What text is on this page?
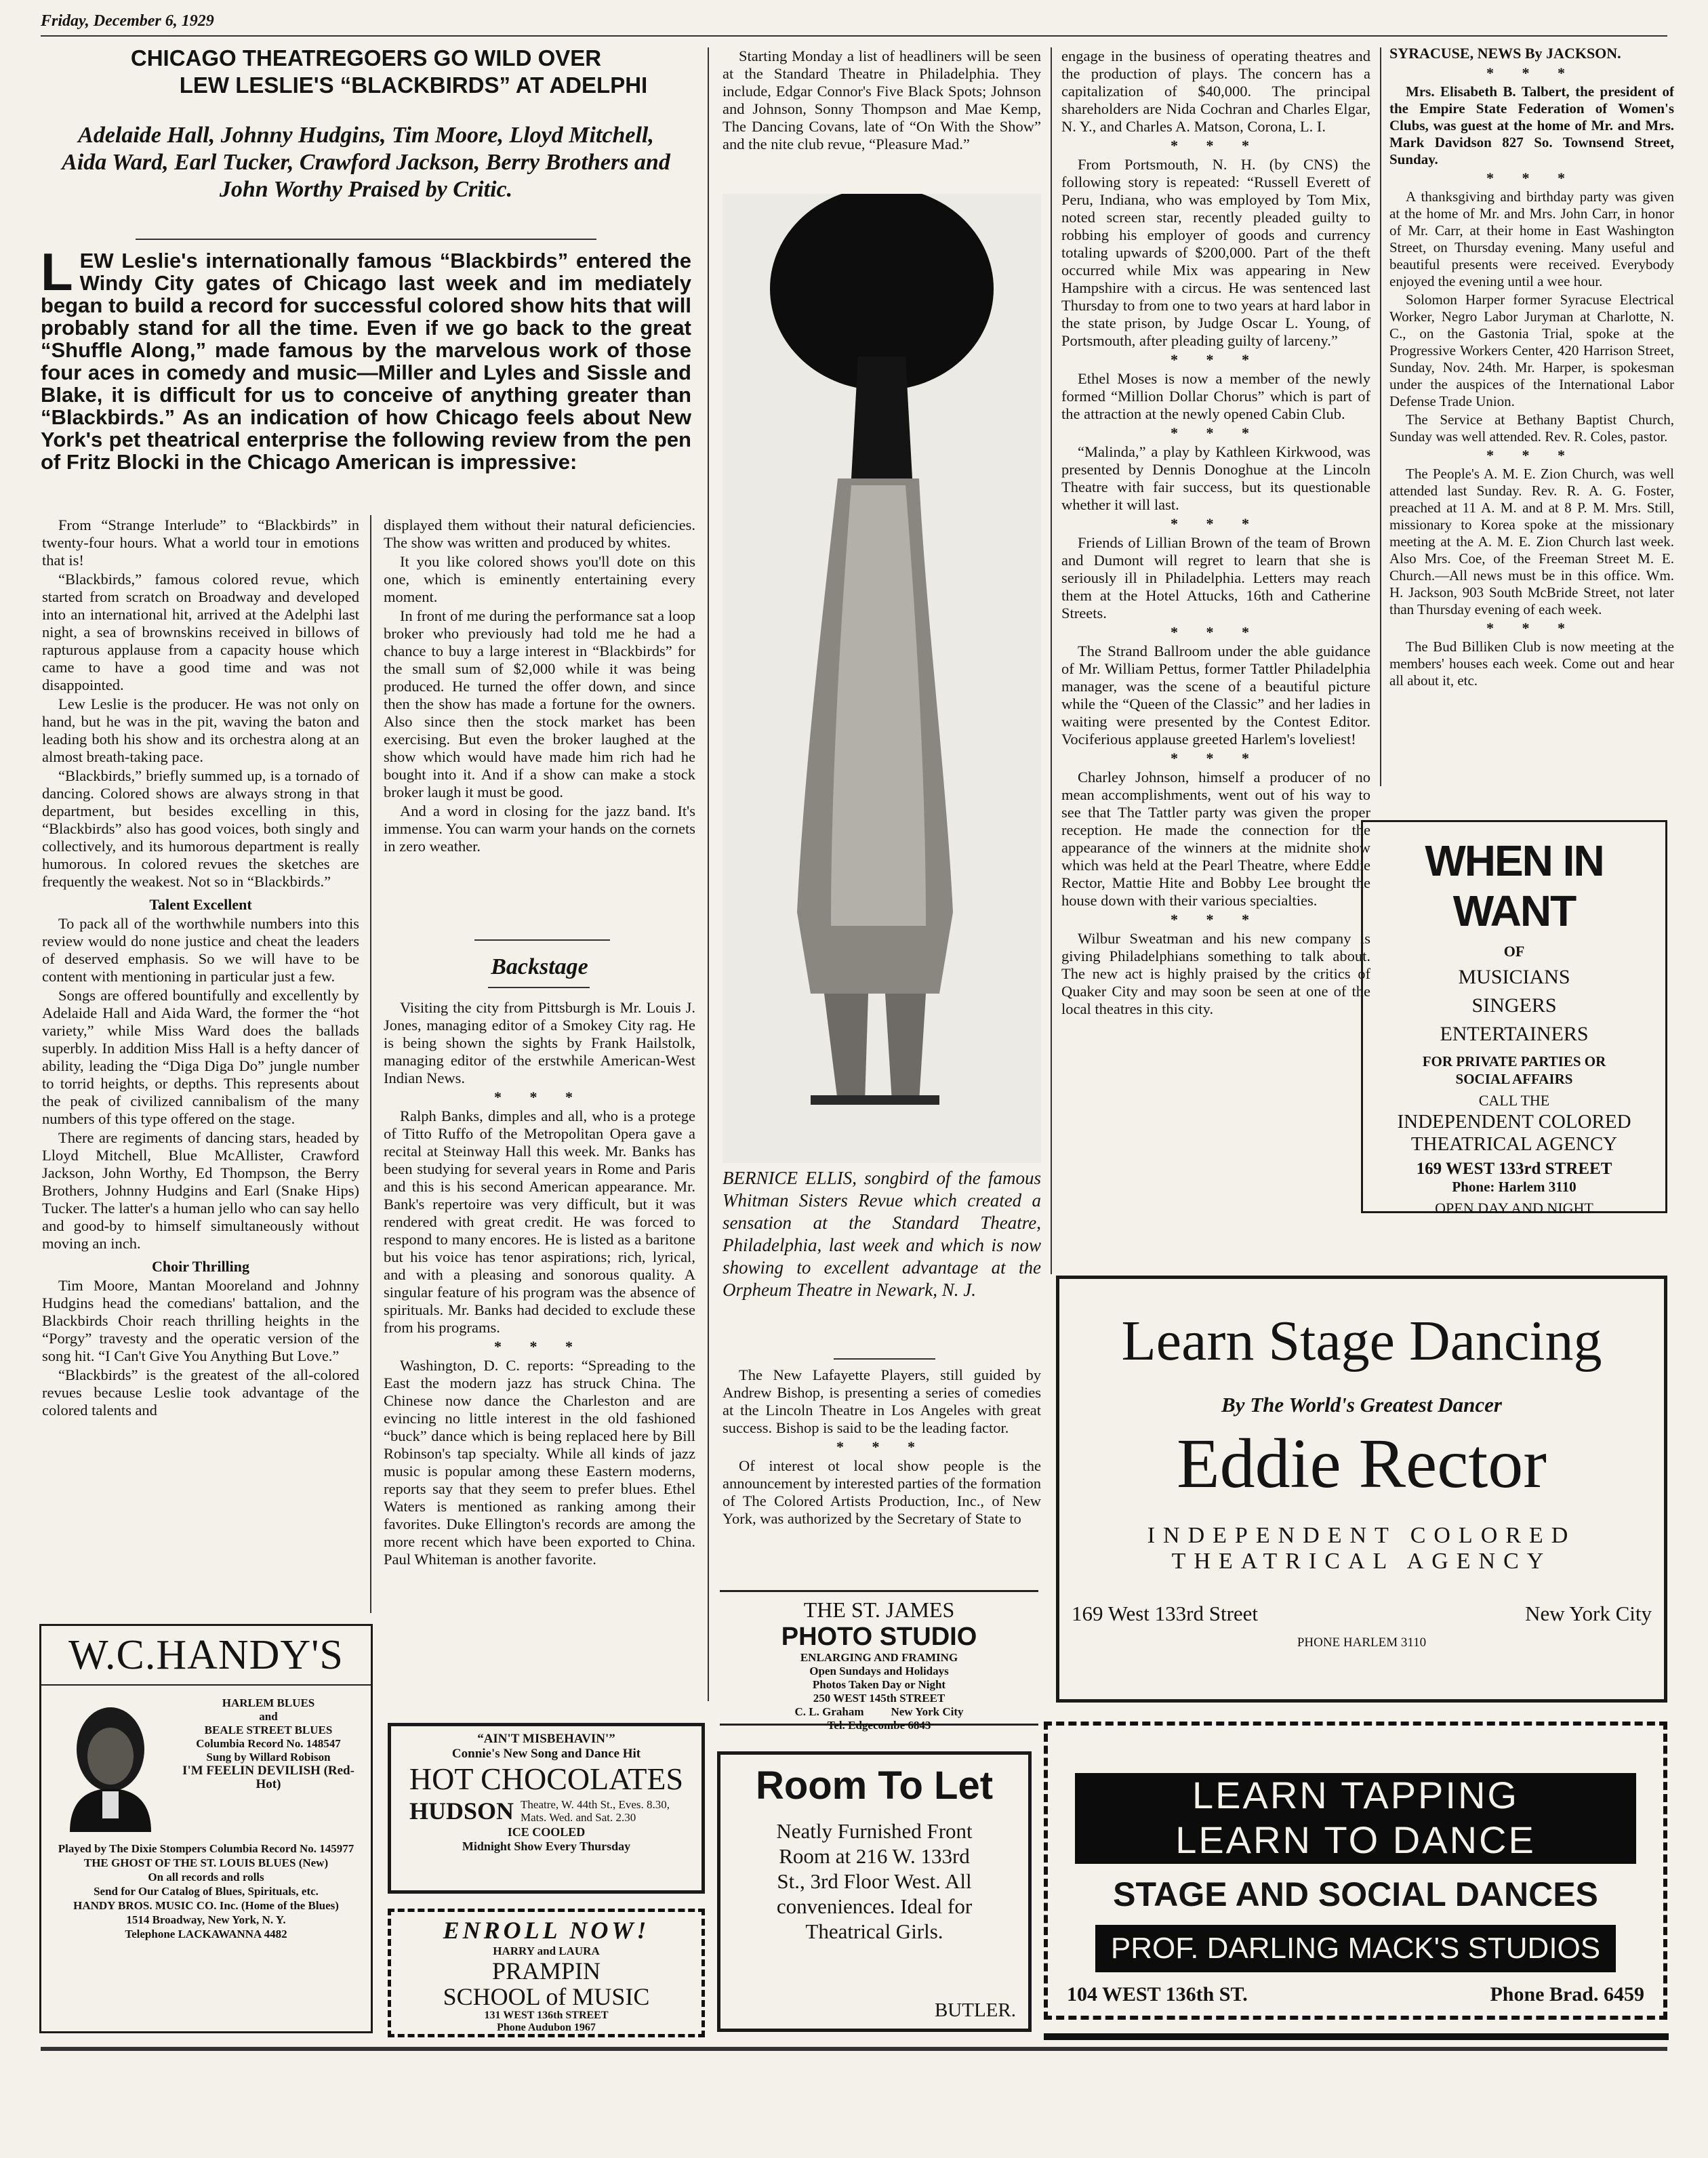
Friday, December 6, 1929
CHICAGO THEATREGOERS GO WILD OVER
LEW LESLIE'S “BLACKBIRDS” AT ADELPHI
Adelaide Hall, Johnny Hudgins, Tim Moore, Lloyd Mitchell, Aida Ward, Earl Tucker, Crawford Jackson, Berry Brothers and John Worthy Praised by Critic.
L EW Leslie's internationally famous “Blackbirds” entered the Windy City gates of Chicago last week and im mediately began to build a record for successful colored show hits that will probably stand for all the time. Even if we go back to the great “Shuffle Along,” made famous by the marvelous work of those four aces in comedy and music—Miller and Lyles and Sissle and Blake, it is difficult for us to conceive of anything greater than “Blackbirds.” As an indication of how Chicago feels about New York's pet theatrical enterprise the following review from the pen of Fritz Blocki in the Chicago American is impressive:

From “Strange Interlude” to “Blackbirds” in twenty-four hours. What a world tour in emotions that is!

“Blackbirds,” famous colored revue, which started from scratch on Broadway and developed into an international hit, arrived at the Adelphi last night, a sea of brownskins received in billows of rapturous applause from a capacity house which came to have a good time and was not disappointed.

Lew Leslie is the producer. He was not only on hand, but he was in the pit, waving the baton and leading both his show and its orchestra along at an almost breath-taking pace.

“Blackbirds,” briefly summed up, is a tornado of dancing. Colored shows are always strong in that department, but besides excelling in this, “Blackbirds” also has good voices, both singly and collectively, and its humorous department is really humorous. In colored revues the sketches are frequently the weakest. Not so in “Blackbirds.”

Talent Excellent

To pack all of the worthwhile numbers into this review would do none justice and cheat the leaders of deserved emphasis. So we will have to be content with mentioning in particular just a few.

Songs are offered bountifully and excellently by Adelaide Hall and Aida Ward, the former the “hot variety,” while Miss Ward does the ballads superbly. In addition Miss Hall is a hefty dancer of ability, leading the “Diga Diga Do” jungle number to torrid heights, or depths. This represents about the peak of civilized cannibalism of the many numbers of this type offered on the stage.

There are regiments of dancing stars, headed by Lloyd Mitchell, Blue McAllister, Crawford Jackson, John Worthy, Ed Thompson, the Berry Brothers, Johnny Hudgins and Earl (Snake Hips) Tucker. The latter's a human jello who can say hello and good-by to himself simultaneously without moving an inch.

Choir Thrilling

Tim Moore, Mantan Mooreland and Johnny Hudgins head the comedians' battalion, and the Blackbirds Choir reach thrilling heights in the “Porgy” travesty and the operatic version of the song hit. “I Can't Give You Anything But Love.”

“Blackbirds” is the greatest of the all-colored revues because Leslie took advantage of the colored talents and

displayed them without their natural deficiencies. The show was written and produced by whites.

It you like colored shows you'll dote on this one, which is eminently entertaining every moment.

In front of me during the performance sat a loop broker who previously had told me he had a chance to buy a large interest in “Blackbirds” for the small sum of $2,000 while it was being produced. He turned the offer down, and since then the show has made a fortune for the owners. Also since then the stock market has been exercising. But even the broker laughed at the show which would have made him rich had he bought into it. And if a show can make a stock broker laugh it must be good.

And a word in closing for the jazz band. It's immense. You can warm your hands on the cornets in zero weather.

Backstage

Visiting the city from Pittsburgh is Mr. Louis J. Jones, managing editor of a Smokey City rag. He is being shown the sights by Frank Hailstolk, managing editor of the erstwhile American-West Indian News.

* * *

Ralph Banks, dimples and all, who is a protege of Titto Ruffo of the Metropolitan Opera gave a recital at Steinway Hall this week. Mr. Banks has been studying for several years in Rome and Paris and this is his second American appearance. Mr. Bank's repertoire was very difficult, but it was rendered with great credit. He was forced to respond to many encores. He is listed as a baritone but his voice has tenor aspirations; rich, lyrical, and with a pleasing and sonorous quality. A singular feature of his program was the absence of spirituals. Mr. Banks had decided to exclude these from his programs.

* * *

Washington, D. C. reports: “Spreading to the East the modern jazz has struck China. The Chinese now dance the Charleston and are evincing no little interest in the old fashioned “buck” dance which is being replaced here by Bill Robinson's tap specialty. While all kinds of jazz music is popular among these Eastern moderns, reports say that they seem to prefer blues. Ethel Waters is mentioned as ranking among their favorites. Duke Ellington's records are among the more recent which have been exported to China. Paul Whiteman is another favorite.

Starting Monday a list of headliners will be seen at the Standard Theatre in Philadelphia. They include, Edgar Connor's Five Black Spots; Johnson and Johnson, Sonny Thompson and Mae Kemp, The Dancing Covans, late of “On With the Show” and the nite club revue, “Pleasure Mad.”

BERNICE ELLIS, songbird of the famous Whitman Sisters Revue which created a sensation at the Standard Theatre, Philadelphia, last week and which is now showing to excellent advantage at the Orpheum Theatre in Newark, N. J.

The New Lafayette Players, still guided by Andrew Bishop, is presenting a series of comedies at the Lincoln Theatre in Los Angeles with great success. Bishop is said to be the leading factor.

* * *

Of interest ot local show people is the announcement by interested parties of the formation of The Colored Artists Production, Inc., of New York, was authorized by the Secretary of State to

engage in the business of operating theatres and the production of plays. The concern has a capitalization of $40,000. The principal shareholders are Nida Cochran and Charles Elgar, N. Y., and Charles A. Matson, Corona, L. I.

* * *

From Portsmouth, N. H. (by CNS) the following story is repeated: “Russell Everett of Peru, Indiana, who was employed by Tom Mix, noted screen star, recently pleaded guilty to robbing his employer of goods and currency totaling upwards of $200,000. Part of the theft occurred while Mix was appearing in New Hampshire with a circus. He was sentenced last Thursday to from one to two years at hard labor in the state prison, by Judge Oscar L. Young, of Portsmouth, after pleading guilty of larceny.”

* * *

Ethel Moses is now a member of the newly formed “Million Dollar Chorus” which is part of the attraction at the newly opened Cabin Club.

* * *

“Malinda,” a play by Kathleen Kirkwood, was presented by Dennis Donoghue at the Lincoln Theatre with fair success, but its questionable whether it will last.

* * *

Friends of Lillian Brown of the team of Brown and Dumont will regret to learn that she is seriously ill in Philadelphia. Letters may reach them at the Hotel Attucks, 16th and Catherine Streets.

* * *

The Strand Ballroom under the able guidance of Mr. William Pettus, former Tattler Philadelphia manager, was the scene of a beautiful picture while the “Queen of the Classic” and her ladies in waiting were presented by the Contest Editor. Vociferious applause greeted Harlem's loveliest!

* * *

Charley Johnson, himself a producer of no mean accomplishments, went out of his way to see that The Tattler party was given the proper reception. He made the connection for the appearance of the winners at the midnite show which was held at the Pearl Theatre, where Eddie Rector, Mattie Hite and Bobby Lee brought the house down with their various specialties.

* * *

Wilbur Sweatman and his new company is giving Philadelphians something to talk about. The new act is highly praised by the critics of Quaker City and may soon be seen at one of the local theatres in this city.

SYRACUSE, NEWS By JACKSON.
* * *

Mrs. Elisabeth B. Talbert, the president of the Empire State Federation of Women's Clubs, was guest at the home of Mr. and Mrs. Mark Davidson 827 So. Townsend Street, Sunday.

* * *

A thanksgiving and birthday party was given at the home of Mr. and Mrs. John Carr, in honor of Mr. Carr, at their home in East Washington Street, on Thursday evening. Many useful and beautiful presents were received. Everybody enjoyed the evening until a wee hour.

Solomon Harper former Syracuse Electrical Worker, Negro Labor Juryman at Charlotte, N. C., on the Gastonia Trial, spoke at the Progressive Workers Center, 420 Harrison Street, Sunday, Nov. 24th. Mr. Harper, is spokesman under the auspices of the International Labor Defense Trade Union.

The Service at Bethany Baptist Church, Sunday was well attended. Rev. R. Coles, pastor.

* * *

The People's A. M. E. Zion Church, was well attended last Sunday. Rev. R. A. G. Foster, preached at 11 A. M. and at 8 P. M. Mrs. Still, missionary to Korea spoke at the missionary meeting at the A. M. E. Zion Church last week. Also Mrs. Coe, of the Freeman Street M. E. Church.—All news must be in this office. Wm. H. Jackson, 903 South McBride Street, not later than Thursday evening of each week.

* * *

The Bud Billiken Club is now meeting at the members' houses each week. Come out and hear all about it, etc.

WHEN IN WANT
OF
MUSICIANS
SINGERS
ENTERTAINERS
FOR PRIVATE PARTIES OR SOCIAL AFFAIRS
CALL THE
INDEPENDENT COLORED THEATRICAL AGENCY
169 WEST 133rd STREET
Phone: Harlem 3110
OPEN DAY AND NIGHT
Learn Stage Dancing
By The World's Greatest Dancer
Eddie Rector
INDEPENDENT COLORED
THEATRICAL AGENCY
169 West 133rd Street	New York City
PHONE HARLEM 3110
LEARN TAPPING
LEARN TO DANCE
STAGE AND SOCIAL DANCES
PROF. DARLING MACK'S STUDIOS
104 WEST 136th ST.	Phone Brad. 6459
W.C.HANDY'S
HARLEM BLUES
and
BEALE STREET BLUES
Columbia Record No. 148547
Sung by Willard Robison
I'M FEELIN DEVILISH (Red-Hot)
Played by The Dixie Stompers Columbia Record No. 145977
THE GHOST OF THE ST. LOUIS BLUES (New)
On all records and rolls
Send for Our Catalog of Blues, Spirituals, etc.
HANDY BROS. MUSIC CO. Inc. (Home of the Blues)
1514 Broadway, New York, N. Y.
Telephone LACKAWANNA 4482
“AIN'T MISBEHAVIN'”
Connie's New Song and Dance Hit
HOT CHOCOLATES
HUDSON Theatre, W. 44th St., Eves. 8.30, Mats. Wed. and Sat. 2.30
ICE COOLED
Midnight Show Every Thursday
ENROLL NOW!
HARRY and LAURA
PRAMPIN
SCHOOL of MUSIC
131 WEST 136th STREET
Phone Audubon 1967
THE ST. JAMES
PHOTO STUDIO
ENLARGING AND FRAMING
Open Sundays and Holidays
Photos Taken Day or Night
250 WEST 145th STREET
C. L. Graham New York City
Tel. Edgecombe 6843
Room To Let
Neatly Furnished Front Room at 216 W. 133rd St., 3rd Floor West. All conveniences. Ideal for Theatrical Girls.
BUTLER.
